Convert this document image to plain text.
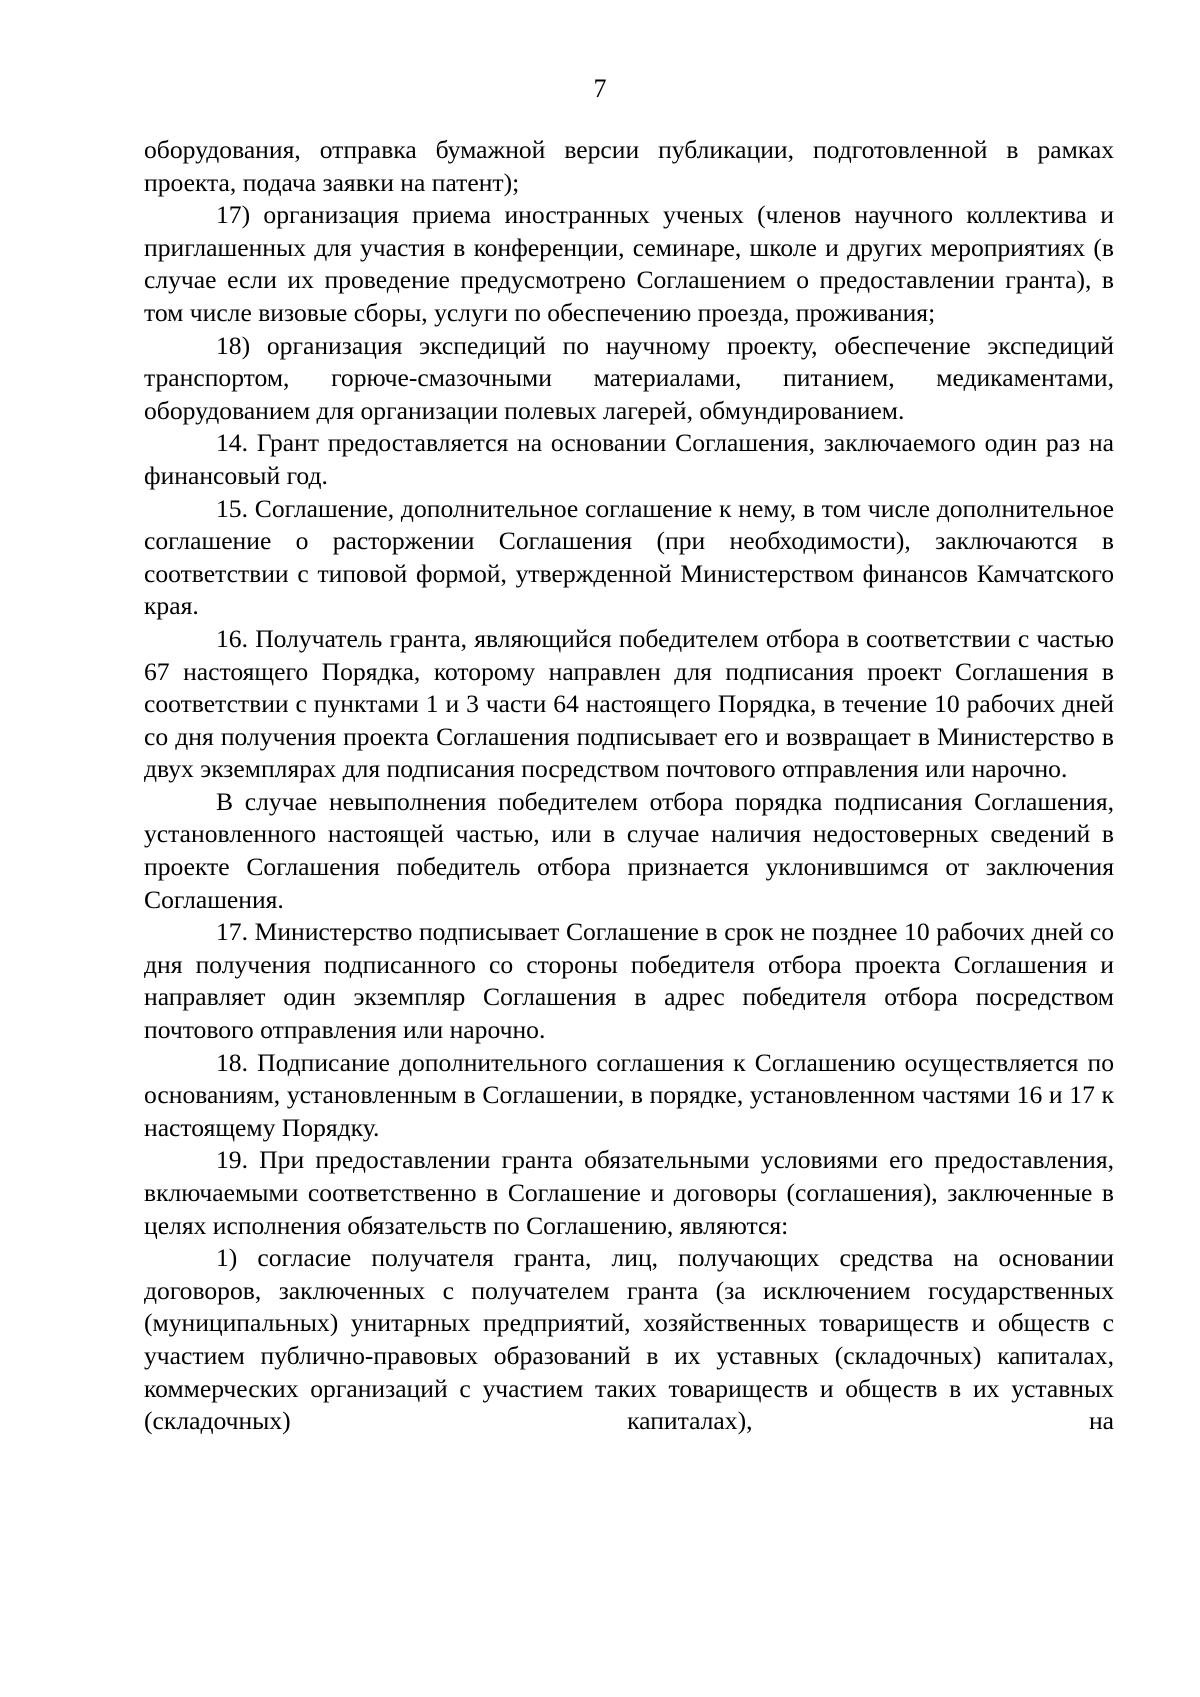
7

оборудования, отправка бумажной версии публикации, подготовленной в рамках проекта, подача заявки на патент);

17) организация приема иностранных ученых (членов научного коллектива и приглашенных для участия в конференции, семинаре, школе и других мероприятиях (в случае если их проведение предусмотрено Соглашением о предоставлении гранта), в том числе визовые сборы, услуги по обеспечению проезда, проживания;

18) организация экспедиций по научному проекту, обеспечение экспедиций транспортом, горюче-смазочными материалами, питанием, медикаментами, оборудованием для организации полевых лагерей, обмундированием.

14. Грант предоставляется на основании Соглашения, заключаемого один раз на финансовый год.

15. Соглашение, дополнительное соглашение к нему, в том числе дополнительное соглашение о расторжении Соглашения (при необходимости), заключаются в соответствии с типовой формой, утвержденной Министерством финансов Камчатского края.

16. Получатель гранта, являющийся победителем отбора в соответствии с частью 67 настоящего Порядка, которому направлен для подписания проект Соглашения в соответствии с пунктами 1 и 3 части 64 настоящего Порядка, в течение 10 рабочих дней со дня получения проекта Соглашения подписывает его и возвращает в Министерство в двух экземплярах для подписания посредством почтового отправления или нарочно.

В случае невыполнения победителем отбора порядка подписания Соглашения, установленного настоящей частью, или в случае наличия недостоверных сведений в проекте Соглашения победитель отбора признается уклонившимся от заключения Соглашения.

17. Министерство подписывает Соглашение в срок не позднее 10 рабочих дней со дня получения подписанного со стороны победителя отбора проекта Соглашения и направляет один экземпляр Соглашения в адрес победителя отбора посредством почтового отправления или нарочно.

18. Подписание дополнительного соглашения к Соглашению осуществляется по основаниям, установленным в Соглашении, в порядке, установленном частями 16 и 17 к настоящему Порядку.

19. При предоставлении гранта обязательными условиями его предоставления, включаемыми соответственно в Соглашение и договоры (соглашения), заключенные в целях исполнения обязательств по Соглашению, являются:

1) согласие получателя гранта, лиц, получающих средства на основании договоров, заключенных с получателем гранта (за исключением государственных (муниципальных) унитарных предприятий, хозяйственных товариществ и обществ с участием публично-правовых образований в их уставных (складочных) капиталах, коммерческих организаций с участием таких товариществ и обществ в их уставных (складочных) капиталах), на
